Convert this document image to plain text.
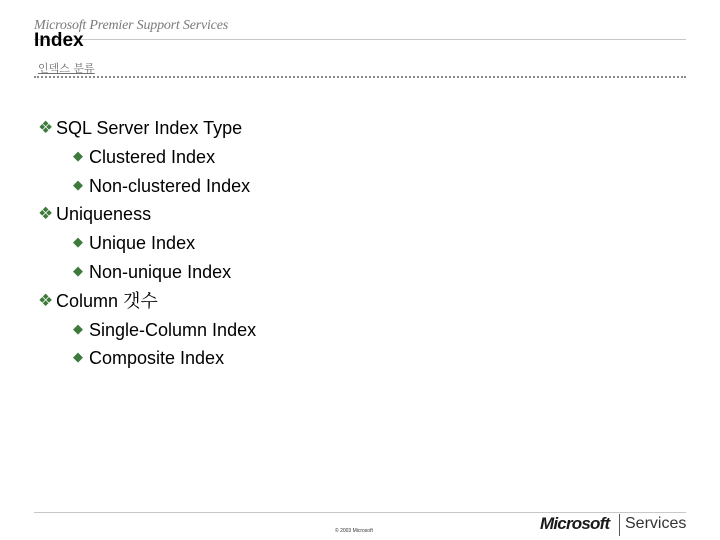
Microsoft Premier Support Services
Index
인덱스 분류
❖ SQL Server Index Type
◆ Clustered Index
◆ Non-clustered Index
❖ Uniqueness
◆ Unique Index
◆ Non-unique Index
❖ Column 갯수
◆ Single-Column Index
◆ Composite Index
© 2003 Microsoft	Microsoft Services
